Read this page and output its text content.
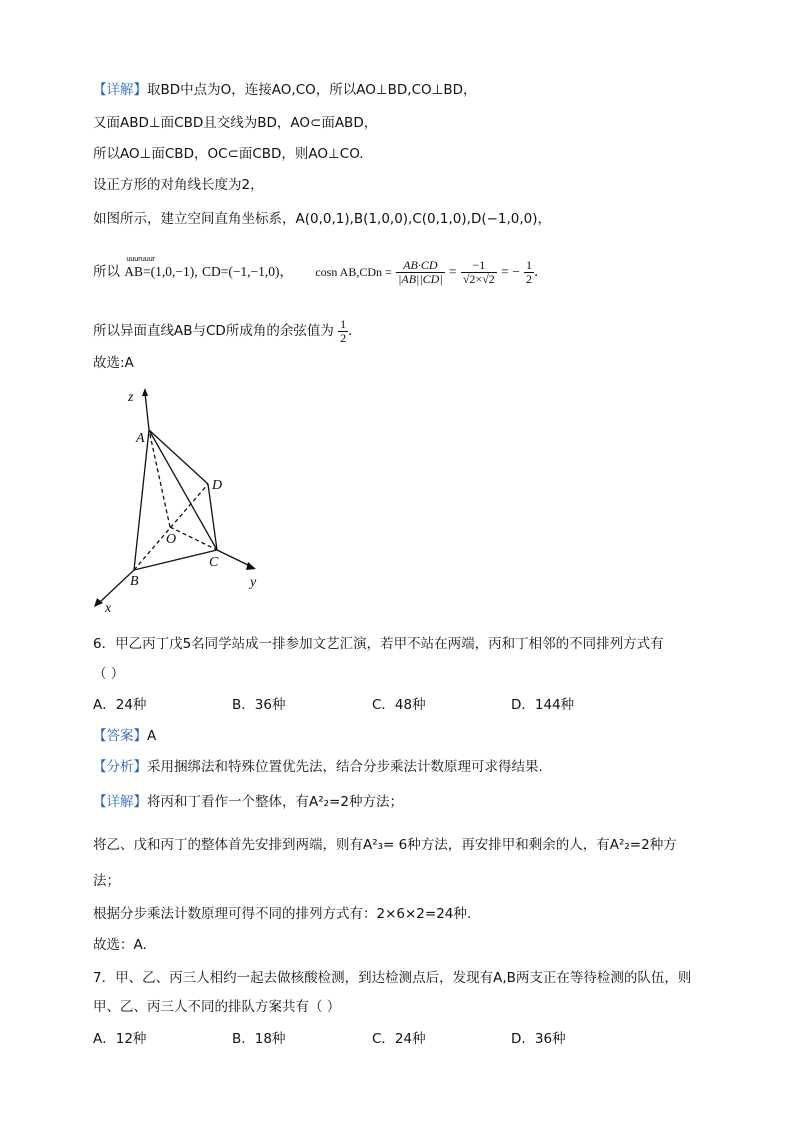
【详解】取BD中点为O，连接AO,CO，所以AO⊥BD,CO⊥BD，
又面ABD⊥面CBD且交线为BD，AO⊂面ABD，
所以AO⊥面CBD，OC⊂面CBD，则AO⊥CO.
设正方形的对角线长度为2，
如图所示，建立空间直角坐标系，A(0,0,1),B(1,0,0),C(0,1,0),D(−1,0,0)，
所以
uuuruuur
AB=(1,0,−1), CD=(−1,−1,0)， cosn $AB,CDn = \frac{AB\cdot CD}{|AB||CD|} = \frac{-1}{√2\times√2}$ = − $\frac{1}{2}$ .
所以异面直线AB与CD所成角的余弦值为 $\frac{1}{2}$ .
故选:A
z
A
D
O
B
C
y
x
6．甲乙丙丁戊5名同学站成一排参加文艺汇演，若甲不站在两端，丙和丁相邻的不同排列方式有
（ ）
A．24种	B．36种	C．48种	D．144种
【答案】A
【分析】采用捆绑法和特殊位置优先法，结合分步乘法计数原理可求得结果.
【详解】将丙和丁看作一个整体，有A²₂=2种方法；
将乙、戊和丙丁的整体首先安排到两端，则有A²₃= 6种方法，再安排甲和剩余的人，有A²₂=2种方
法；
根据分步乘法计数原理可得不同的排列方式有：2×6×2=24种.
故选：A.
7．甲、乙、丙三人相约一起去做核酸检测，到达检测点后，发现有A,B两支正在等待检测的队伍，则
甲、乙、丙三人不同的排队方案共有（ ）
A．12种	B．18种	C．24种	D．36种
